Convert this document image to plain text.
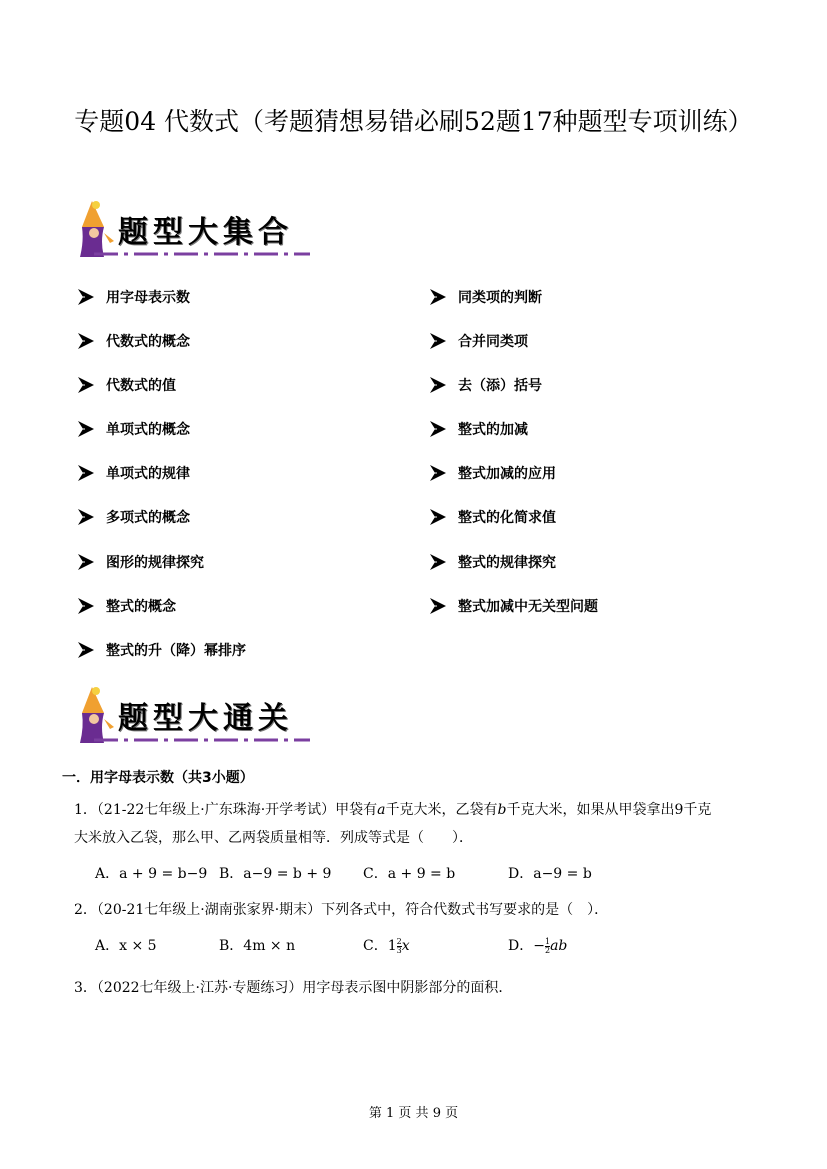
专题04 代数式（考题猜想易错必刷52题17种题型专项训练）
题型大集合
用字母表示数
代数式的概念
代数式的值
单项式的概念
单项式的规律
多项式的概念
图形的规律探究
整式的概念
整式的升（降）幂排序
同类项的判断
合并同类项
去（添）括号
整式的加减
整式加减的应用
整式的化简求值
整式的规律探究
整式加减中无关型问题
题型大通关
一．用字母表示数（共3小题）
1．（21-22七年级上·广东珠海·开学考试）甲袋有a千克大米，乙袋有b千克大米，如果从甲袋拿出9千克
大米放入乙袋，那么甲、乙两袋质量相等．列成等式是（　　）．
A．a + 9 = b−9 B．a−9 = b + 9 C．a + 9 = b	D．a−9 = b
2．（20-21七年级上·湖南张家界·期末）下列各式中，符合代数式书写要求的是（　）．
A．x × 5	B．4m × n	C．$1 \frac{2}{3}$ x	D．− $\frac{1}{2}$ ab
3．（2022七年级上·江苏·专题练习）用字母表示图中阴影部分的面积．
第 1 页 共 9 页
